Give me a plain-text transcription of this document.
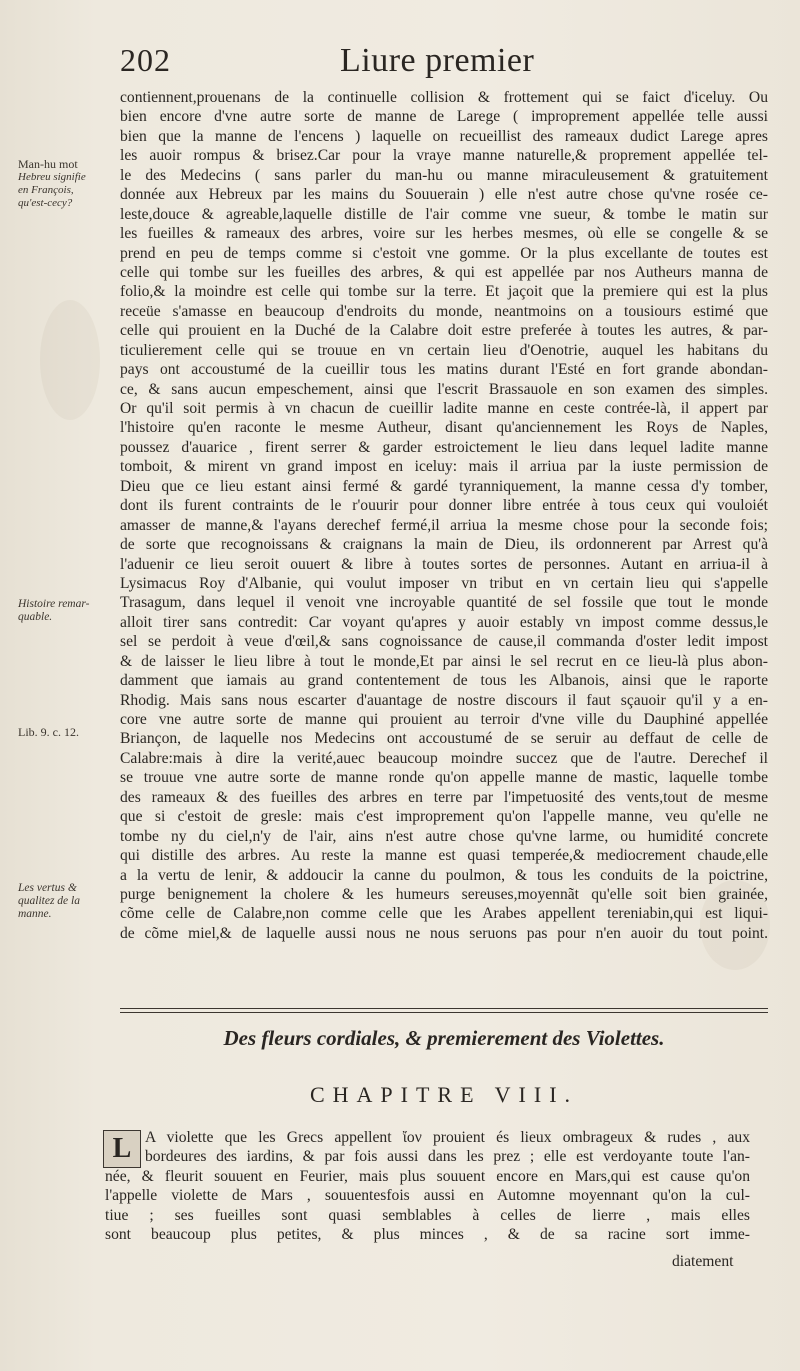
202	Liure premier
Man-hu mot
Hebreu signifie
en François,
qu'est-cecy?
Histoire remar-
quable.
Lib. 9. c. 12.
Les vertus &
qualitez de la
manne.
contiennent,prouenans de la continuelle collision & frottement qui se faict d'iceluy. Ou
bien encore d'vne autre sorte de manne de Larege ( improprement appellée telle aussi
bien que la manne de l'encens ) laquelle on recueillist des rameaux dudict Larege apres
les auoir rompus & brisez.Car pour la vraye manne naturelle,& proprement appellée tel-
le des Medecins ( sans parler du man-hu ou manne miraculeusement & gratuitement
donnée aux Hebreux par les mains du Souuerain ) elle n'est autre chose qu'vne rosée ce-
leste,douce & agreable,laquelle distille de l'air comme vne sueur, & tombe le matin sur
les fueilles & rameaux des arbres, voire sur les herbes mesmes, où elle se congelle & se
prend en peu de temps comme si c'estoit vne gomme. Or la plus excellante de toutes est
celle qui tombe sur les fueilles des arbres, & qui est appellée par nos Autheurs manna de
folio,& la moindre est celle qui tombe sur la terre. Et jaçoit que la premiere qui est la plus
receüe s'amasse en beaucoup d'endroits du monde, neantmoins on a tousiours estimé que
celle qui prouient en la Duché de la Calabre doit estre preferée à toutes les autres, & par-
ticulierement celle qui se trouue en vn certain lieu d'Oenotrie, auquel les habitans du
pays ont accoustumé de la cueillir tous les matins durant l'Esté en fort grande abondan-
ce, & sans aucun empeschement, ainsi que l'escrit Brassauole en son examen des simples.
Or qu'il soit permis à vn chacun de cueillir ladite manne en ceste contrée-là, il appert par
l'histoire qu'en raconte le mesme Autheur, disant qu'anciennement les Roys de Naples,
poussez d'auarice , firent serrer & garder estroictement le lieu dans lequel ladite manne
tomboit, & mirent vn grand impost en iceluy: mais il arriua par la iuste permission de
Dieu que ce lieu estant ainsi fermé & gardé tyranniquement, la manne cessa d'y tomber,
dont ils furent contraints de le r'ouurir pour donner libre entrée à tous ceux qui vouloiét
amasser de manne,& l'ayans derechef fermé,il arriua la mesme chose pour la seconde fois;
de sorte que recognoissans & craignans la main de Dieu, ils ordonnerent par Arrest qu'à
l'aduenir ce lieu seroit ouuert & libre à toutes sortes de personnes. Autant en arriua-il à
Lysimacus Roy d'Albanie, qui voulut imposer vn tribut en vn certain lieu qui s'appelle
Trasagum, dans lequel il venoit vne incroyable quantité de sel fossile que tout le monde
alloit tirer sans contredit: Car voyant qu'apres y auoir estably vn impost comme dessus,le
sel se perdoit à veue d'œil,& sans cognoissance de cause,il commanda d'oster ledit impost
& de laisser le lieu libre à tout le monde,Et par ainsi le sel recrut en ce lieu-là plus abon-
damment que iamais au grand contentement de tous les Albanois, ainsi que le raporte
Rhodig. Mais sans nous escarter d'auantage de nostre discours il faut sçauoir qu'il y a en-
core vne autre sorte de manne qui prouient au terroir d'vne ville du Dauphiné appellée
Briançon, de laquelle nos Medecins ont accoustumé de se seruir au deffaut de celle de
Calabre:mais à dire la verité,auec beaucoup moindre succez que de l'autre. Derechef il
se trouue vne autre sorte de manne ronde qu'on appelle manne de mastic, laquelle tombe
des rameaux & des fueilles des arbres en terre par l'impetuosité des vents,tout de mesme
que si c'estoit de gresle: mais c'est improprement qu'on l'appelle manne, veu qu'elle ne
tombe ny du ciel,n'y de l'air, ains n'est autre chose qu'vne larme, ou humidité concrete
qui distille des arbres. Au reste la manne est quasi temperée,& mediocrement chaude,elle
a la vertu de lenir, & addoucir la canne du poulmon, & tous les conduits de la poictrine,
purge benignement la cholere & les humeurs sereuses,moyennãt qu'elle soit bien grainée,
cõme celle de Calabre,non comme celle que les Arabes appellent tereniabin,qui est liqui-
de cõme miel,& de laquelle aussi nous ne nous seruons pas pour n'en auoir du tout point.
Des fleurs cordiales, & premierement des Violettes.
CHAPITRE VIII.
L A violette que les Grecs appellent ἴον prouient és lieux ombrageux & rudes , aux
bordeures des iardins, & par fois aussi dans les prez ; elle est verdoyante toute l'an-
née, & fleurit souuent en Feurier, mais plus souuent encore en Mars,qui est cause qu'on
l'appelle violette de Mars , souuentesfois aussi en Automne moyennant qu'on la cul-
tiue ; ses fueilles sont quasi semblables à celles de lierre , mais elles
sont beaucoup plus petites, & plus minces , & de sa racine sort imme-
diatement
